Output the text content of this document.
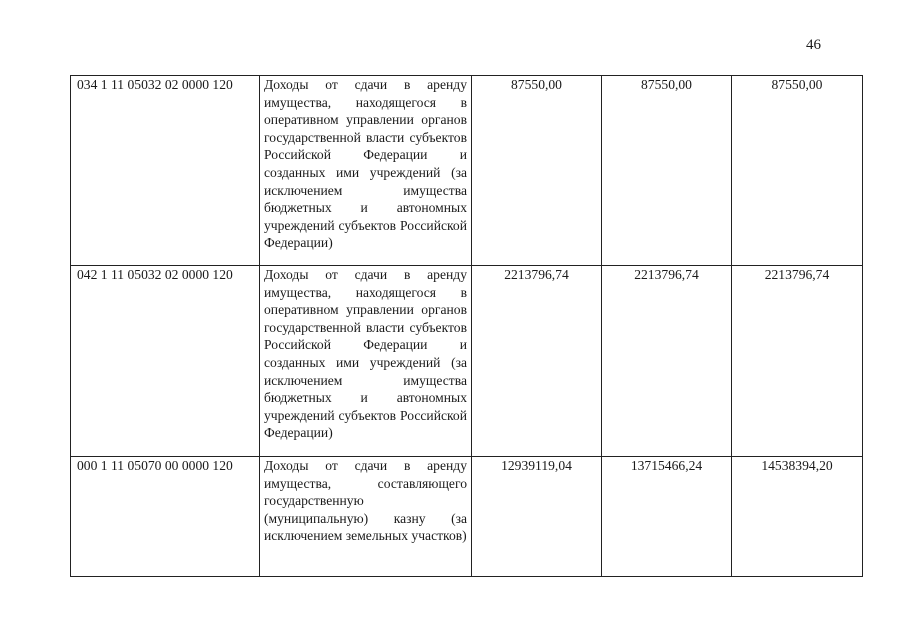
46
034 1 11 05032 02 0000 120	Доходы от сдачи в аренду имущества, находящегося в оперативном управлении органов государственной власти субъектов Российской Федерации и созданных ими учреждений (за исключением имущества бюджетных и автономных учреждений субъектов Российской Федерации)	87550,00	87550,00	87550,00
042 1 11 05032 02 0000 120	Доходы от сдачи в аренду имущества, находящегося в оперативном управлении органов государственной власти субъектов Российской Федерации и созданных ими учреждений (за исключением имущества бюджетных и автономных учреждений субъектов Российской Федерации)	2213796,74	2213796,74	2213796,74
000 1 11 05070 00 0000 120	Доходы от сдачи в аренду имущества, составляющего государственную (муниципальную) казну (за исключением земельных участков)	12939119,04	13715466,24	14538394,20
